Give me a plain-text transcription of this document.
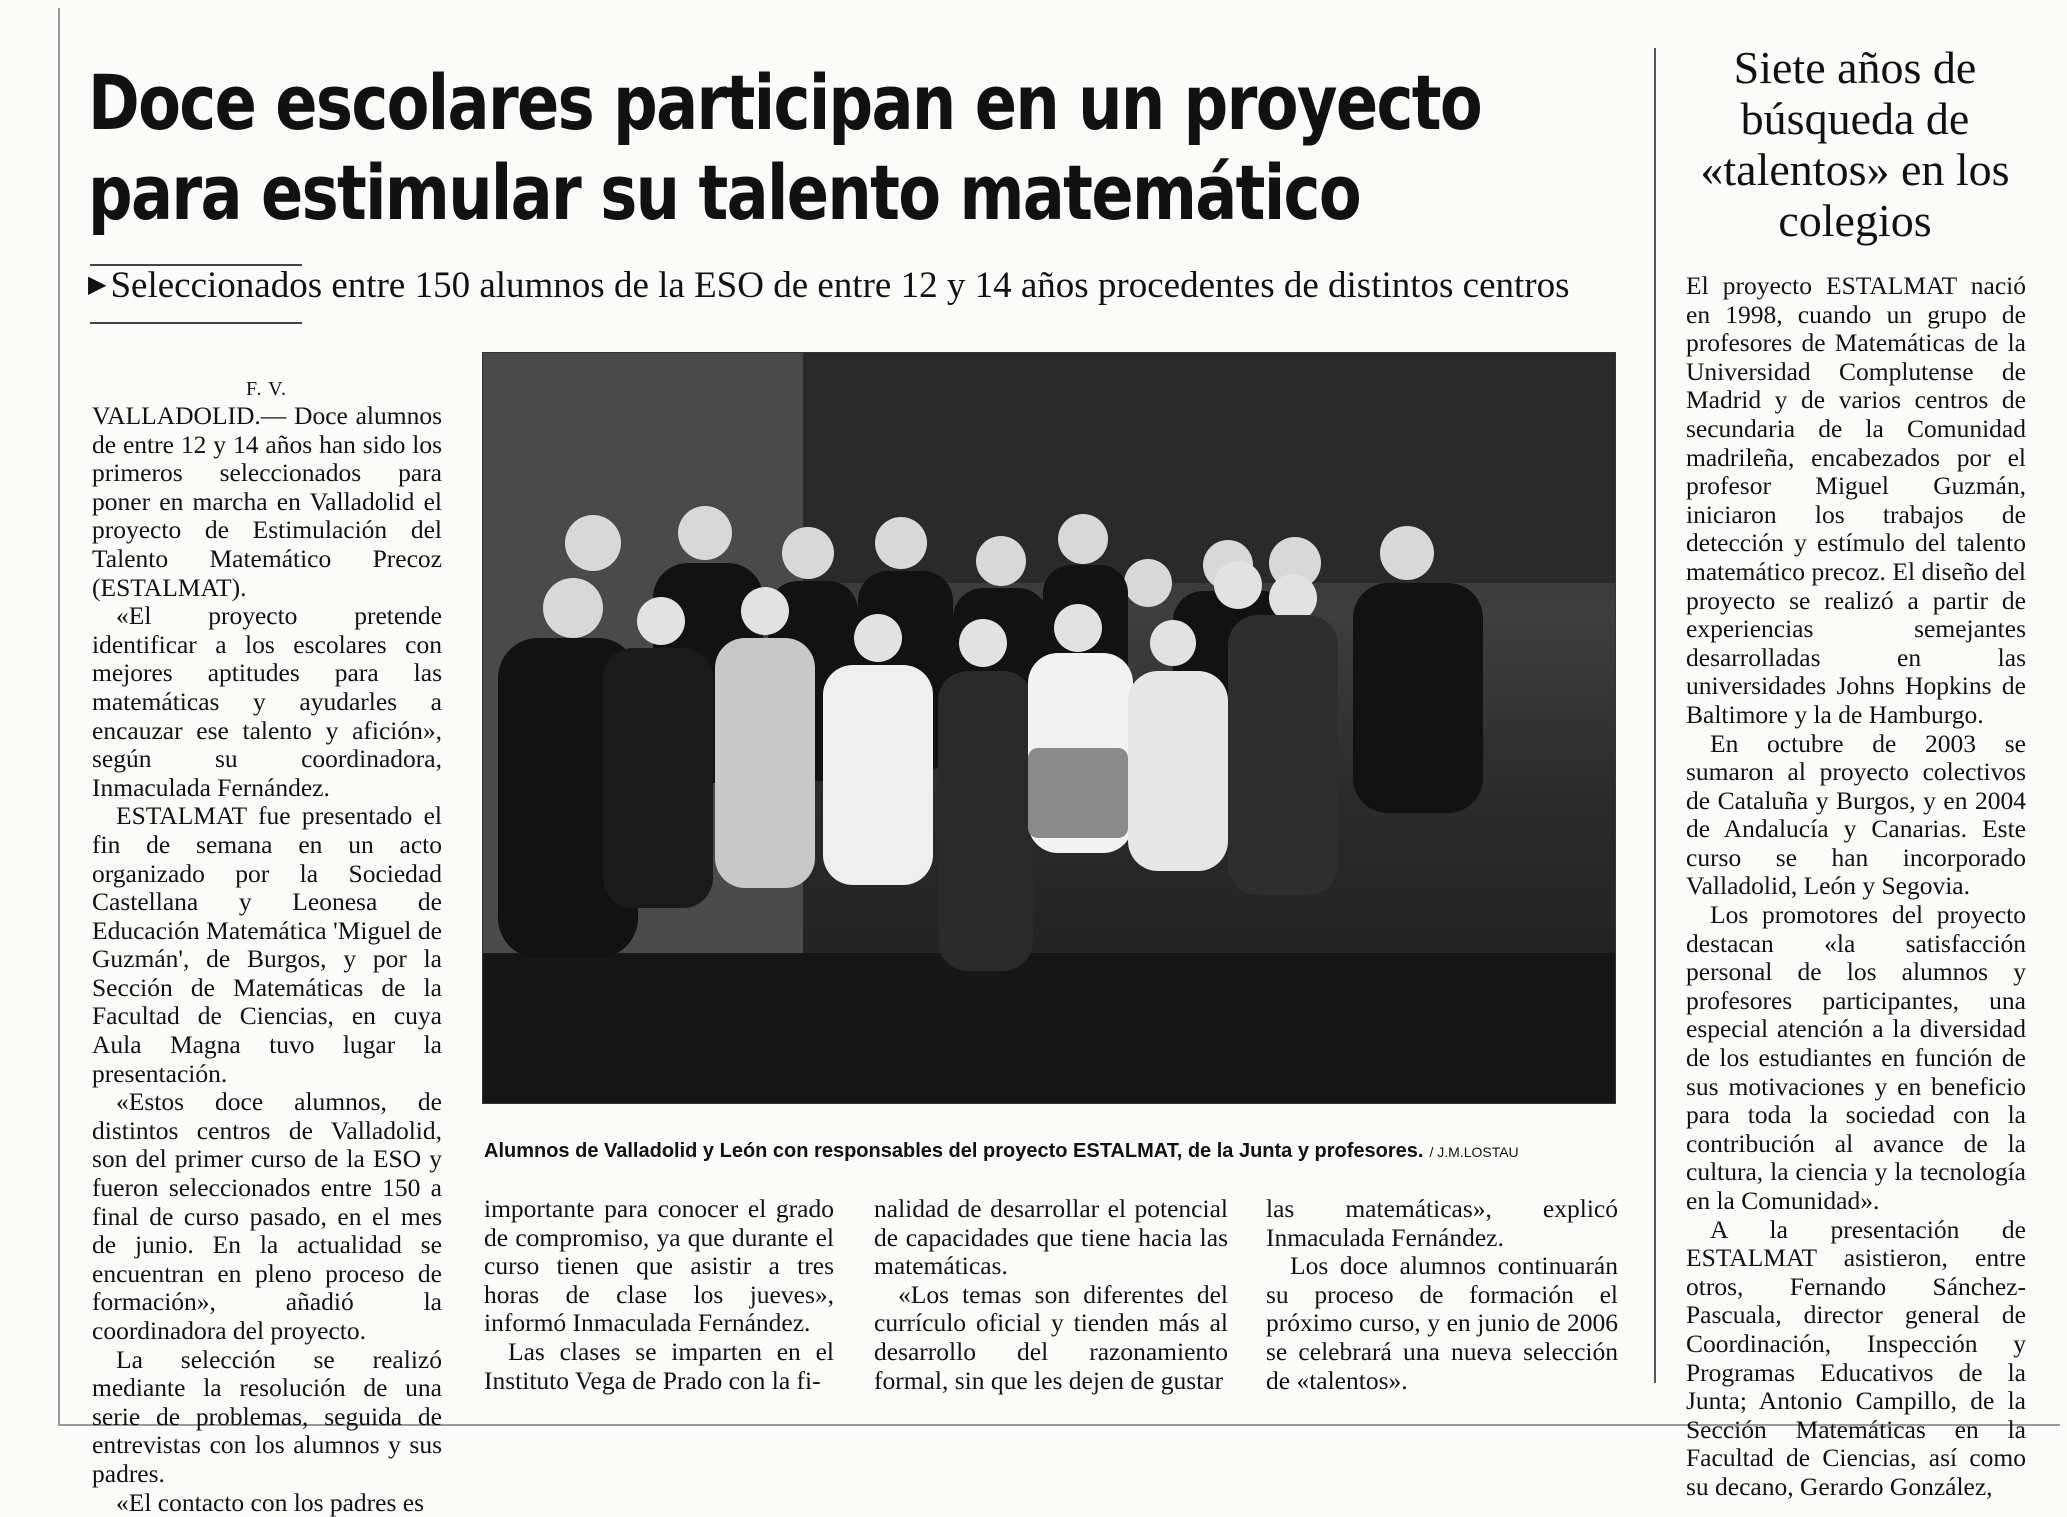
Doce escolares participan en un proyecto
para estimular su talento matemático
▶ Seleccionados entre 150 alumnos de la ESO de entre 12 y 14 años procedentes de distintos centros
F. V.

VALLADOLID.— Doce alumnos de entre 12 y 14 años han sido los primeros seleccionados para poner en marcha en Valladolid el proyecto de Estimulación del Talento Matemático Precoz (ESTALMAT).

«El proyecto pretende identificar a los escolares con mejores aptitudes para las matemáticas y ayudarles a encauzar ese talento y afición», según su coordinadora, Inmaculada Fernández.

ESTALMAT fue presentado el fin de semana en un acto organizado por la Sociedad Castellana y Leonesa de Educación Matemática 'Miguel de Guzmán', de Burgos, y por la Sección de Matemáticas de la Facultad de Ciencias, en cuya Aula Magna tuvo lugar la presentación.

«Estos doce alumnos, de distintos centros de Valladolid, son del primer curso de la ESO y fueron seleccionados entre 150 a final de curso pasado, en el mes de junio. En la actualidad se encuentran en pleno proceso de formación», añadió la coordinadora del proyecto.

La selección se realizó mediante la resolución de una serie de problemas, seguida de entrevistas con los alumnos y sus padres.

«El contacto con los padres es

Alumnos de Valladolid y León con responsables del proyecto ESTALMAT, de la Junta y profesores. / J.M.LOSTAU

importante para conocer el grado de compromiso, ya que durante el curso tienen que asistir a tres horas de clase los jueves», informó Inmaculada Fernández.

Las clases se imparten en el Instituto Vega de Prado con la fi-

nalidad de desarrollar el potencial de capacidades que tiene hacia las matemáticas.

«Los temas son diferentes del currículo oficial y tienden más al desarrollo del razonamiento formal, sin que les dejen de gustar

las matemáticas», explicó Inmaculada Fernández.

Los doce alumnos continuarán su proceso de formación el próximo curso, y en junio de 2006 se celebrará una nueva selección de «talentos».

Siete años de búsqueda de «talentos» en los colegios

El proyecto ESTALMAT nació en 1998, cuando un grupo de profesores de Matemáticas de la Universidad Complutense de Madrid y de varios centros de secundaria de la Comunidad madrileña, encabezados por el profesor Miguel Guzmán, iniciaron los trabajos de detección y estímulo del talento matemático precoz. El diseño del proyecto se realizó a partir de experiencias semejantes desarrolladas en las universidades Johns Hopkins de Baltimore y la de Hamburgo.

En octubre de 2003 se sumaron al proyecto colectivos de Cataluña y Burgos, y en 2004 de Andalucía y Canarias. Este curso se han incorporado Valladolid, León y Segovia.

Los promotores del proyecto destacan «la satisfacción personal de los alumnos y profesores participantes, una especial atención a la diversidad de los estudiantes en función de sus motivaciones y en beneficio para toda la sociedad con la contribución al avance de la cultura, la ciencia y la tecnología en la Comunidad».

A la presentación de ESTALMAT asistieron, entre otros, Fernando Sánchez-Pascuala, director general de Coordinación, Inspección y Programas Educativos de la Junta; Antonio Campillo, de la Sección Matemáticas en la Facultad de Ciencias, así como su decano, Gerardo González,
